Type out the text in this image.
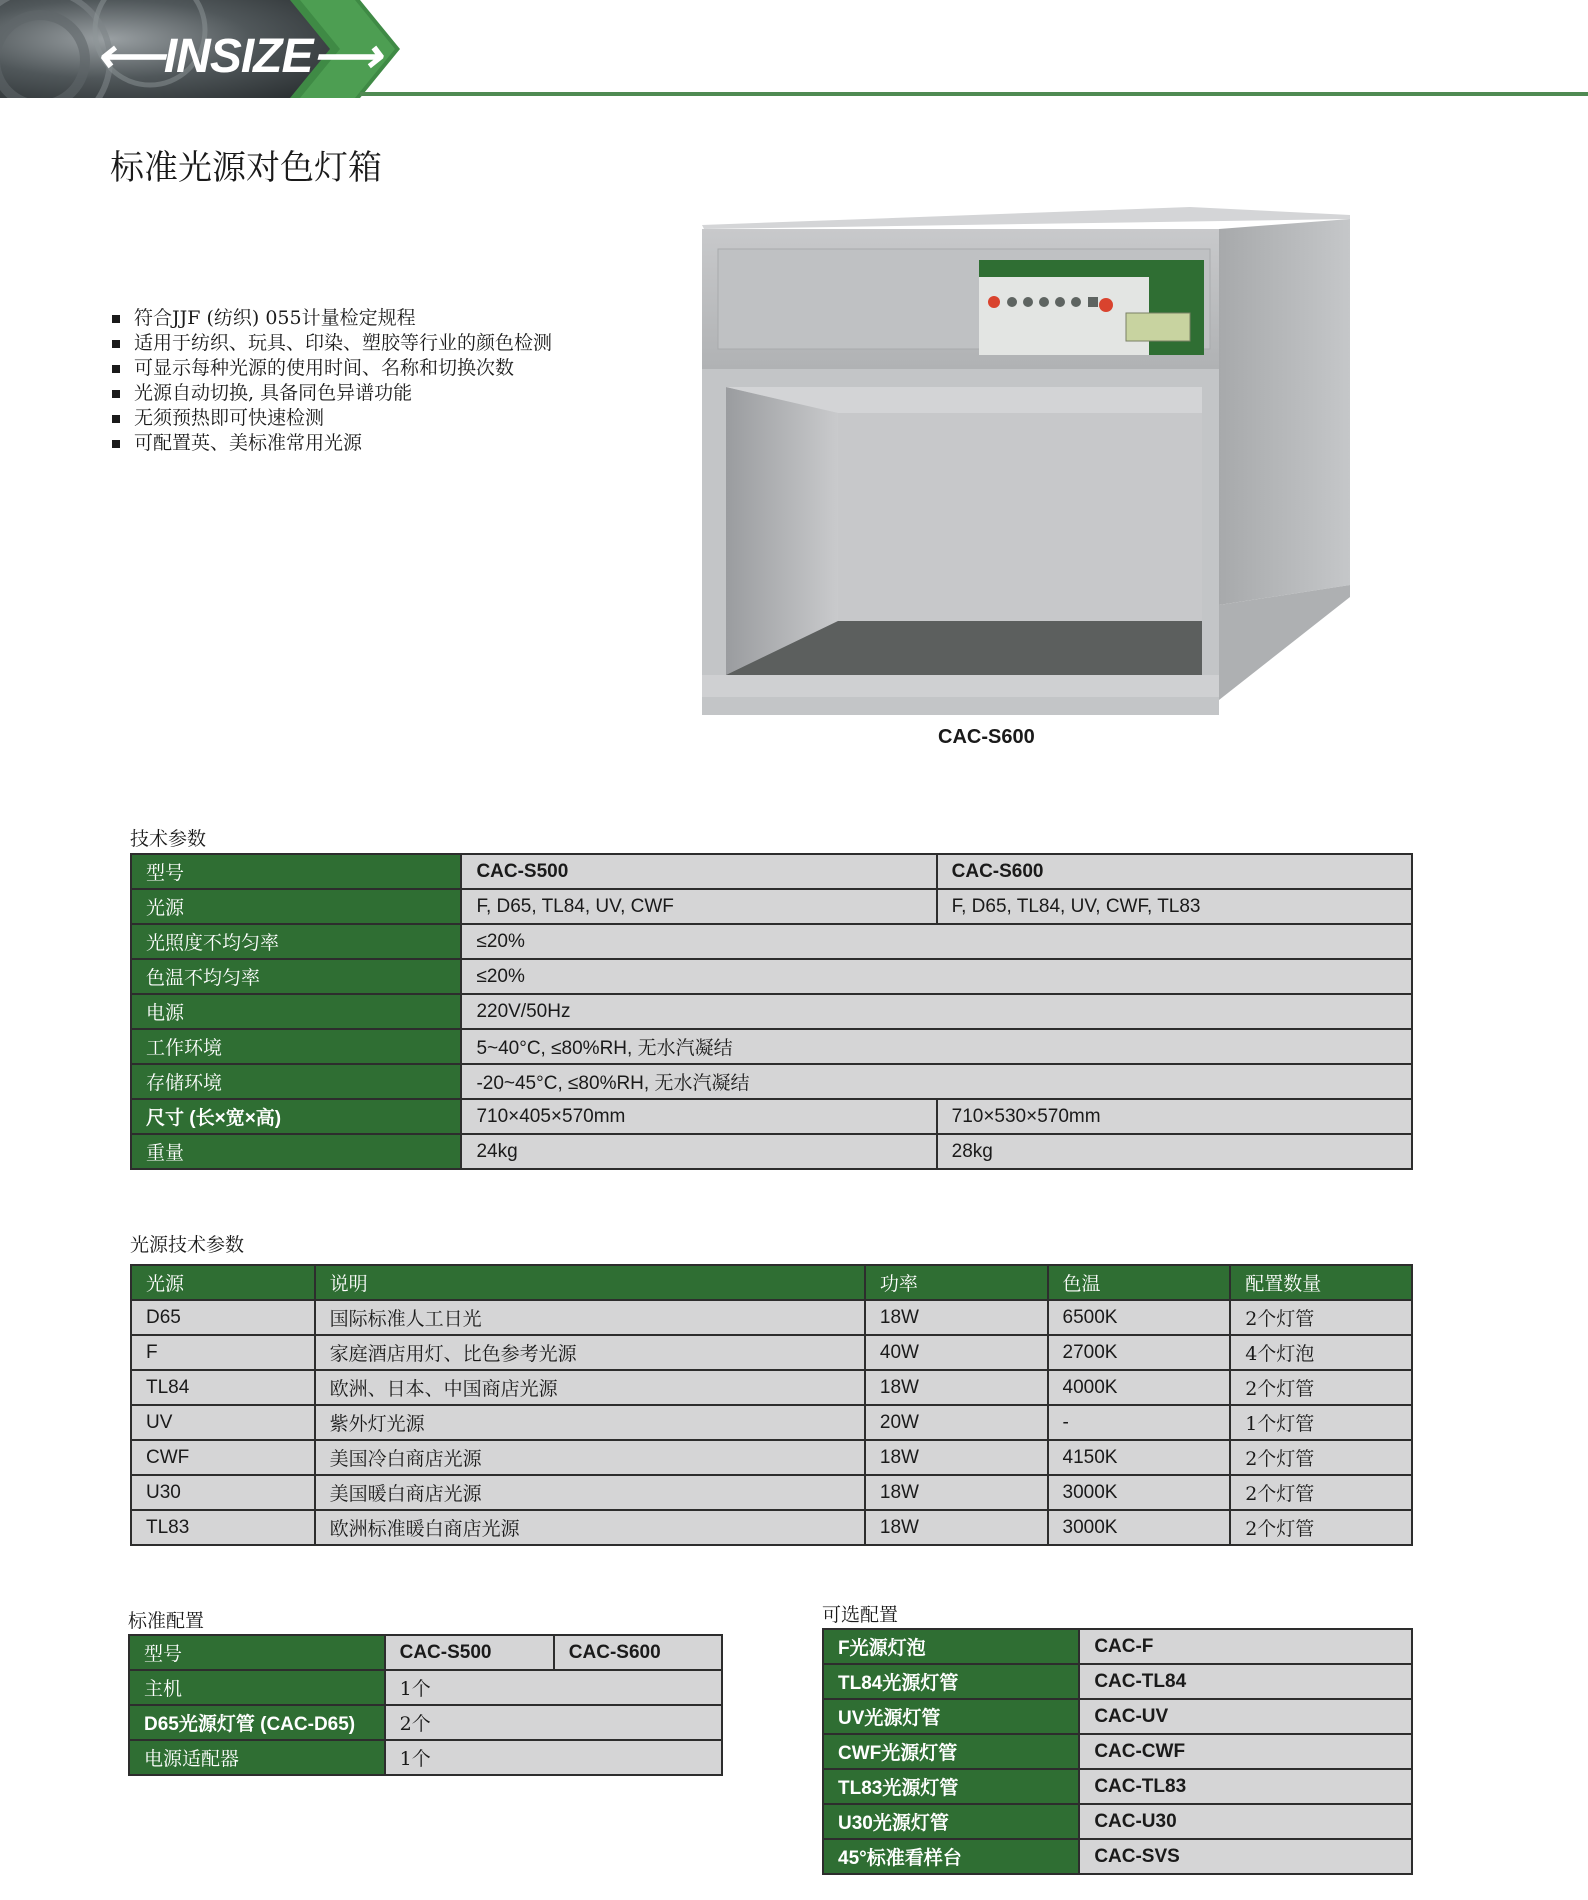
⟵INSIZE⟶
标准光源对色灯箱
符合JJF (纺织) 055计量检定规程
适用于纺织、玩具、印染、塑胶等行业的颜色检测
可显示每种光源的使用时间、名称和切换次数
光源自动切换, 具备同色异谱功能
无须预热即可快速检测
可配置英、美标准常用光源
CAC-S600
技术参数
型号	CAC-S500	CAC-S600
光源	F, D65, TL84, UV, CWF	F, D65, TL84, UV, CWF, TL83
光照度不均匀率	≤20%	
色温不均匀率	≤20%	
电源	220V/50Hz	
工作环境	5~40°C, ≤80%RH, 无水汽凝结	
存储环境	-20~45°C, ≤80%RH, 无水汽凝结	
尺寸 (长×宽×高)	710×405×570mm	710×530×570mm
重量	24kg	28kg
光源技术参数
光源	说明	功率	色温	配置数量
D65	国际标准人工日光	18W	6500K	2个灯管
F	家庭酒店用灯、比色参考光源	40W	2700K	4个灯泡
TL84	欧洲、日本、中国商店光源	18W	4000K	2个灯管
UV	紫外灯光源	20W	-	1个灯管
CWF	美国冷白商店光源	18W	4150K	2个灯管
U30	美国暖白商店光源	18W	3000K	2个灯管
TL83	欧洲标准暖白商店光源	18W	3000K	2个灯管
标准配置
型号	CAC-S500	CAC-S600
主机	1个	
D65光源灯管 (CAC-D65)	2个	
电源适配器	1个	
可选配置
F光源灯泡	CAC-F
TL84光源灯管	CAC-TL84
UV光源灯管	CAC-UV
CWF光源灯管	CAC-CWF
TL83光源灯管	CAC-TL83
U30光源灯管	CAC-U30
45°标准看样台	CAC-SVS
